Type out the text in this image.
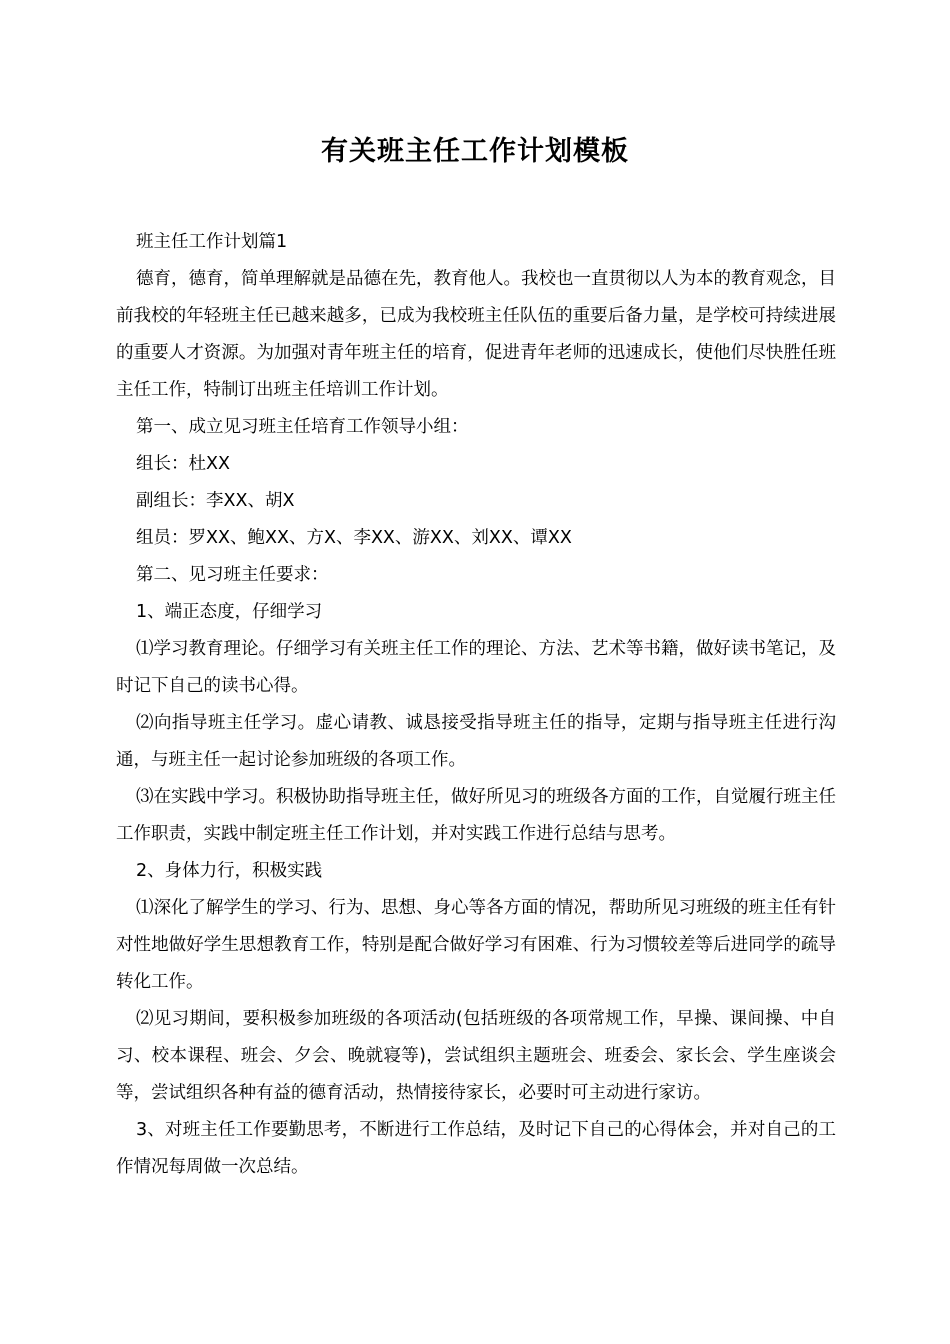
有关班主任工作计划模板

班主任工作计划篇1

德育，德育，简单理解就是品德在先，教育他人。我校也一直贯彻以人为本的教育观念，目前我校的年轻班主任已越来越多，已成为我校班主任队伍的重要后备力量，是学校可持续进展的重要人才资源。为加强对青年班主任的培育，促进青年老师的迅速成长，使他们尽快胜任班主任工作，特制订出班主任培训工作计划。

第一、成立见习班主任培育工作领导小组：

组长：杜XX

副组长：李XX、胡X

组员：罗XX、鲍XX、方X、李XX、游XX、刘XX、谭XX

第二、见习班主任要求：

1、端正态度，仔细学习

⑴学习教育理论。仔细学习有关班主任工作的理论、方法、艺术等书籍，做好读书笔记，及时记下自己的读书心得。

⑵向指导班主任学习。虚心请教、诚恳接受指导班主任的指导，定期与指导班主任进行沟通，与班主任一起讨论参加班级的各项工作。

⑶在实践中学习。积极协助指导班主任，做好所见习的班级各方面的工作，自觉履行班主任工作职责，实践中制定班主任工作计划，并对实践工作进行总结与思考。

2、身体力行，积极实践

⑴深化了解学生的学习、行为、思想、身心等各方面的情况，帮助所见习班级的班主任有针对性地做好学生思想教育工作，特别是配合做好学习有困难、行为习惯较差等后进同学的疏导转化工作。

⑵见习期间，要积极参加班级的各项活动(包括班级的各项常规工作，早操、课间操、中自习、校本课程、班会、夕会、晚就寝等)，尝试组织主题班会、班委会、家长会、学生座谈会等，尝试组织各种有益的德育活动，热情接待家长，必要时可主动进行家访。

3、对班主任工作要勤思考，不断进行工作总结，及时记下自己的心得体会，并对自己的工作情况每周做一次总结。
